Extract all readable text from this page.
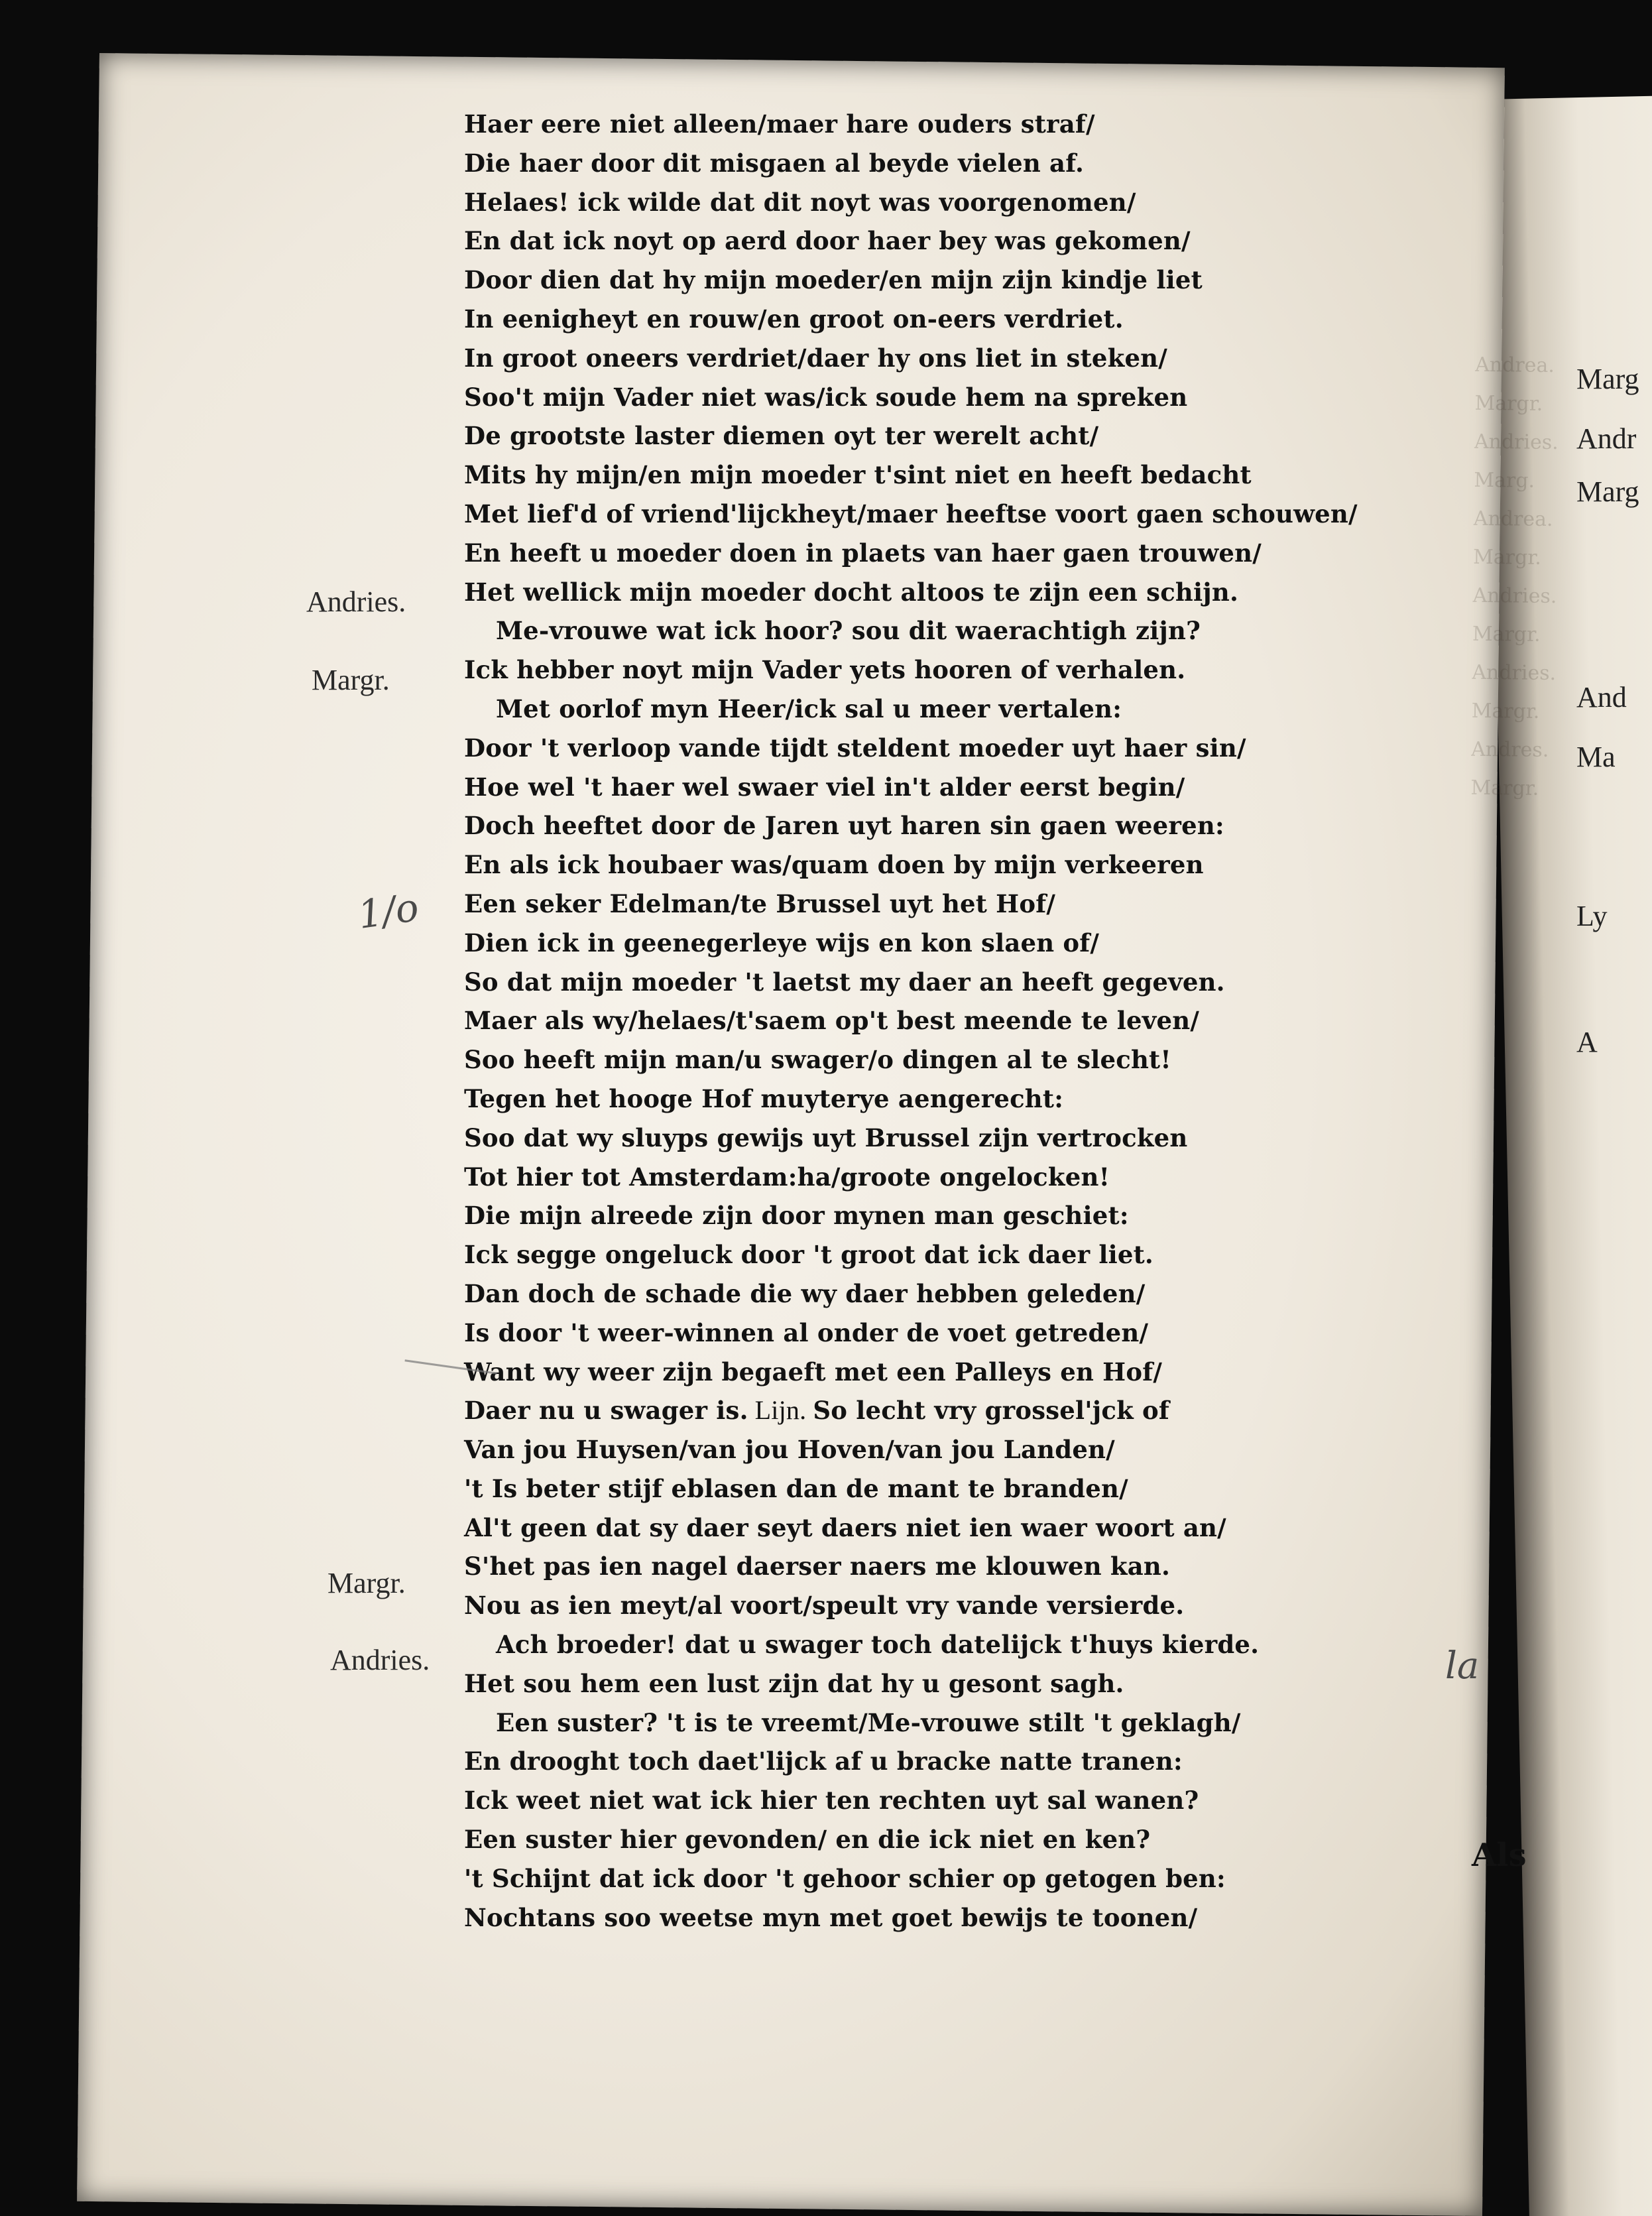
Marg
Andr
Marg
And
Ma
Ly
A
Andrea.
Margr.
Andries.
Marg.
Andrea.
Margr.
Andries.
Margr.
Andries.
Margr.
Andres.
Margr.
Haer eere niet alleen/maer hare ouders straf/
Die haer door dit misgaen al beyde vielen af.
Helaes! ick wilde dat dit noyt was voorgenomen/
En dat ick noyt op aerd door haer bey was gekomen/
Door dien dat hy mijn moeder/en mijn zijn kindje liet
In eenigheyt en rouw/en groot on-eers verdriet.
In groot oneers verdriet/daer hy ons liet in steken/
Soo't mijn Vader niet was/ick soude hem na spreken
De grootste laster diemen oyt ter werelt acht/
Mits hy mijn/en mijn moeder t'sint niet en heeft bedacht
Met lief'd of vriend'lijckheyt/maer heeftse voort gaen schouwen/
En heeft u moeder doen in plaets van haer gaen trouwen/
Het wellick mijn moeder docht altoos te zijn een schijn.
Me-vrouwe wat ick hoor? sou dit waerachtigh zijn?
Ick hebber noyt mijn Vader yets hooren of verhalen.
Met oorlof myn Heer/ick sal u meer vertalen:
Door 't verloop vande tijdt steldent moeder uyt haer sin/
Hoe wel 't haer wel swaer viel in't alder eerst begin/
Doch heeftet door de Jaren uyt haren sin gaen weeren:
En als ick houbaer was/quam doen by mijn verkeeren
Een seker Edelman/te Brussel uyt het Hof/
Dien ick in geenegerleye wijs en kon slaen of/
So dat mijn moeder 't laetst my daer an heeft gegeven.
Maer als wy/helaes/t'saem op't best meende te leven/
Soo heeft mijn man/u swager/o dingen al te slecht!
Tegen het hooge Hof muyterye aengerecht:
Soo dat wy sluyps gewijs uyt Brussel zijn vertrocken
Tot hier tot Amsterdam:ha/groote ongelocken!
Die mijn alreede zijn door mynen man geschiet:
Ick segge ongeluck door 't groot dat ick daer liet.
Dan doch de schade die wy daer hebben geleden/
Is door 't weer-winnen al onder de voet getreden/
Want wy weer zijn begaeft met een Palleys en Hof/
Daer nu u swager is. Lijn. So lecht vry grossel'jck of
Van jou Huysen/van jou Hoven/van jou Landen/
't Is beter stijf eblasen dan de mant te branden/
Al't geen dat sy daer seyt daers niet ien waer woort an/
S'het pas ien nagel daerser naers me klouwen kan.
Nou as ien meyt/al voort/speult vry vande versierde.
Ach broeder! dat u swager toch datelijck t'huys kierde.
Het sou hem een lust zijn dat hy u gesont sagh.
Een suster? 't is te vreemt/Me-vrouwe stilt 't geklagh/
En drooght toch daet'lijck af u bracke natte tranen:
Ick weet niet wat ick hier ten rechten uyt sal wanen?
Een suster hier gevonden/ en die ick niet en ken?
't Schijnt dat ick door 't gehoor schier op getogen ben:
Nochtans soo weetse myn met goet bewijs te toonen/
Andries.
Margr.
Margr.
Andries.
1/o
la
Als
